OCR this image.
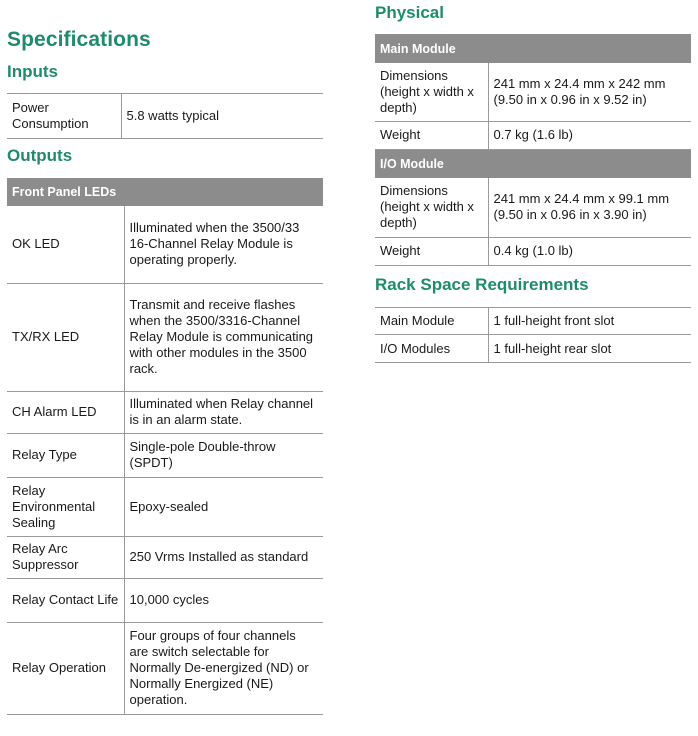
Specifications
Inputs
Power Consumption	5.8 watts typical
Outputs
Front Panel LEDs	
OK LED	Illuminated when the 3500/33 16-Channel Relay Module is operating properly.
TX/RX LED	Transmit and receive flashes when the 3500/3316-Channel Relay Module is communicating with other modules in the 3500 rack.
CH Alarm LED	Illuminated when Relay channel is in an alarm state.
Relay Type	Single-pole Double-throw (SPDT)
Relay Environmental Sealing	Epoxy-sealed
Relay Arc Suppressor	250 Vrms Installed as standard
Relay Contact Life	10,000 cycles
Relay Operation	Four groups of four channels are switch selectable for Normally De-energized (ND) or Normally Energized (NE) operation.
Physical
Main Module	
Dimensions (height x width x depth)	241 mm x 24.4 mm x 242 mm (9.50 in x 0.96 in x 9.52 in)
Weight	0.7 kg (1.6 lb)
I/O Module	
Dimensions (height x width x depth)	241 mm x 24.4 mm x 99.1 mm (9.50 in x 0.96 in x 3.90 in)
Weight	0.4 kg (1.0 lb)
Rack Space Requirements
Main Module	1 full-height front slot
I/O Modules	1 full-height rear slot
